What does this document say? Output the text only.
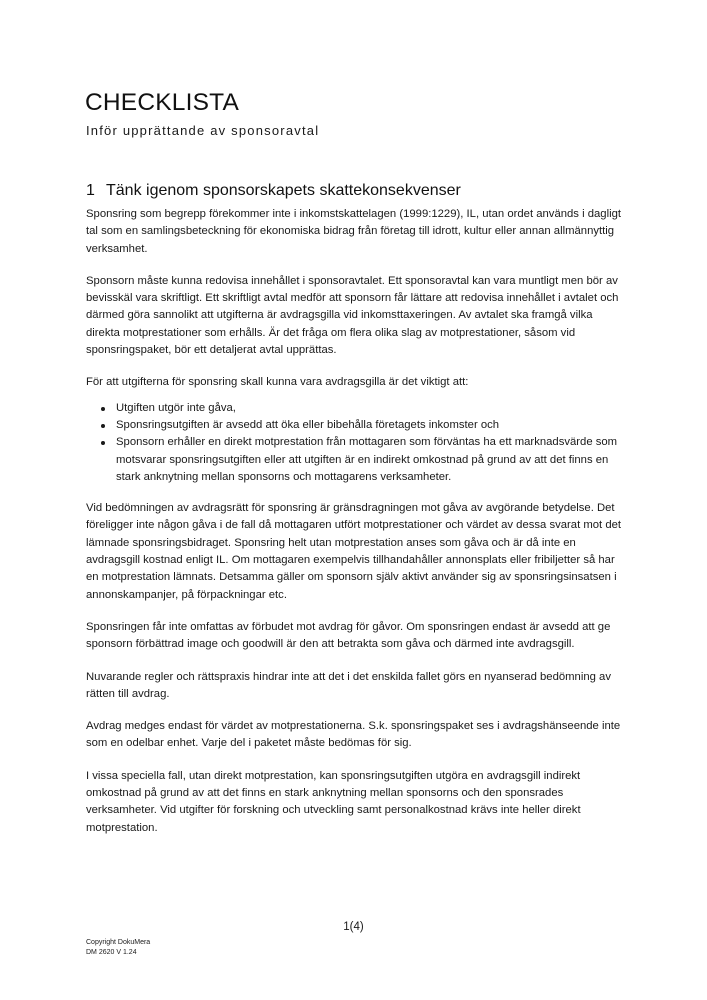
CHECKLISTA
Inför upprättande av sponsoravtal
1 Tänk igenom sponsorskapets skattekonsekvenser

Sponsring som begrepp förekommer inte i inkomstskattelagen (1999:1229), IL, utan ordet används i dagligt tal som en samlingsbeteckning för ekonomiska bidrag från företag till idrott, kultur eller annan allmännyttig verksamhet.

Sponsorn måste kunna redovisa innehållet i sponsoravtalet. Ett sponsoravtal kan vara muntligt men bör av bevisskäl vara skriftligt. Ett skriftligt avtal medför att sponsorn får lättare att redovisa innehållet i avtalet och därmed göra sannolikt att utgifterna är avdragsgilla vid inkomsttaxeringen. Av avtalet ska framgå vilka direkta motprestationer som erhålls. Är det fråga om flera olika slag av motprestationer, såsom vid sponsringspaket, bör ett detaljerat avtal upprättas.

För att utgifterna för sponsring skall kunna vara avdragsgilla är det viktigt att:

Utgiften utgör inte gåva,
Sponsringsutgiften är avsedd att öka eller bibehålla företagets inkomster och
Sponsorn erhåller en direkt motprestation från mottagaren som förväntas ha ett marknadsvärde som motsvarar sponsringsutgiften eller att utgiften är en indirekt omkostnad på grund av att det finns en stark anknytning mellan sponsorns och mottagarens verksamheter.

Vid bedömningen av avdragsrätt för sponsring är gränsdragningen mot gåva av avgörande betydelse. Det föreligger inte någon gåva i de fall då mottagaren utfört motprestationer och värdet av dessa svarat mot det lämnade sponsringsbidraget. Sponsring helt utan motprestation anses som gåva och är då inte en avdragsgill kostnad enligt IL. Om mottagaren exempelvis tillhandahåller annonsplats eller fribiljetter så har en motprestation lämnats. Detsamma gäller om sponsorn själv aktivt använder sig av sponsringsinsatsen i annonskampanjer, på förpackningar etc.

Sponsringen får inte omfattas av förbudet mot avdrag för gåvor. Om sponsringen endast är avsedd att ge sponsorn förbättrad image och goodwill är den att betrakta som gåva och därmed inte avdragsgill.

Nuvarande regler och rättspraxis hindrar inte att det i det enskilda fallet görs en nyanserad bedömning av rätten till avdrag.

Avdrag medges endast för värdet av motprestationerna. S.k. sponsringspaket ses i avdragshänseende inte som en odelbar enhet. Varje del i paketet måste bedömas för sig.

I vissa speciella fall, utan direkt motprestation, kan sponsringsutgiften utgöra en avdragsgill indirekt omkostnad på grund av att det finns en stark anknytning mellan sponsorns och den sponsrades verksamheter. Vid utgifter för forskning och utveckling samt personalkostnad krävs inte heller direkt motprestation.

1(4)
Copyright DokuMera
DM 2620 V 1.24
